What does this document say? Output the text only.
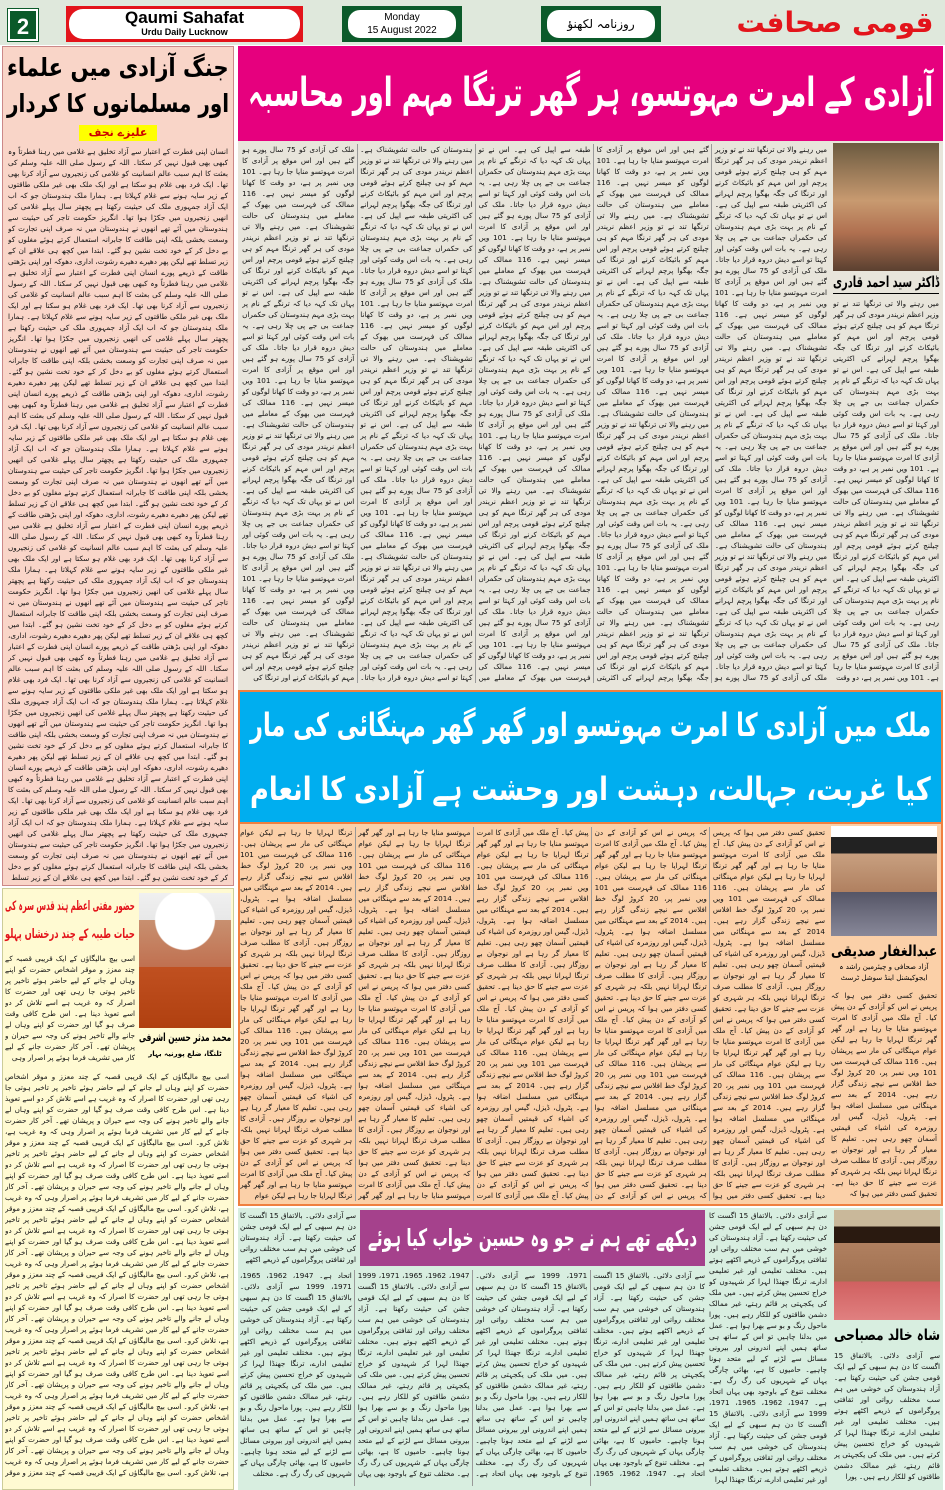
2	Qaumi Sahafat
Urdu Daily Lucknow
Monday
15 August 2022	روزنامہ لکھنؤ	قومی صحافت
جنگ آزادی میں علماء
اور مسلمانوں کا کردار
علیزے نجف
انسان اپنی فطرت کے اعتبار سے آزاد تخلیق ہے غلامی میں رہنا فطرتاً وہ کبھی بھی قبول نہیں کر سکتا۔ اللہ کے رسول صلی اللہ علیہ وسلم کی بعثت کا اہم سبب عالم انسانیت کو غلامی کی زنجیروں سے آزاد کرنا بھی تھا۔ ایک فرد بھی غلام ہو سکتا ہے اور ایک ملک بھی غیر ملکی طاقتوں کے زیر سایہ ہونے سے غلام کہلاتا ہے۔ ہمارا ملک ہندوستان جو کہ اب ایک آزاد جمہوری ملک کی حیثیت رکھتا ہے پچھتر سال پہلے غلامی کی انھیں زنجیروں میں جکڑا ہوا تھا۔ انگریز حکومت تاجر کی حیثیت سے ہندوستان میں آئے تھے انھوں نے ہندوستان میں نہ صرف اپنی تجارت کو وسعت بخشی بلکہ اپنی طاقت کا جابرانہ استعمال کرتے ہوئے مغلوں کو بے دخل کر کے خود تخت نشین ہو گئے۔ ابتدا میں کچھ ہی علاقے ان کے زیر تسلط تھے لیکن پھر دھیرے دھیرے رشوت، اداری، دھوکہ اور اپنی بڑھتی طاقت کے ذریعے پورے انسان اپنی فطرت کے اعتبار سے آزاد تخلیق ہے غلامی میں رہنا فطرتاً وہ کبھی بھی قبول نہیں کر سکتا۔ اللہ کے رسول صلی اللہ علیہ وسلم کی بعثت کا اہم سبب عالم انسانیت کو غلامی کی زنجیروں سے آزاد کرنا بھی تھا۔ ایک فرد بھی غلام ہو سکتا ہے اور ایک ملک بھی غیر ملکی طاقتوں کے زیر سایہ ہونے سے غلام کہلاتا ہے۔ ہمارا ملک ہندوستان جو کہ اب ایک آزاد جمہوری ملک کی حیثیت رکھتا ہے پچھتر سال پہلے غلامی کی انھیں زنجیروں میں جکڑا ہوا تھا۔ انگریز حکومت تاجر کی حیثیت سے ہندوستان میں آئے تھے انھوں نے ہندوستان میں نہ صرف اپنی تجارت کو وسعت بخشی بلکہ اپنی طاقت کا جابرانہ استعمال کرتے ہوئے مغلوں کو بے دخل کر کے خود تخت نشین ہو گئے۔ ابتدا میں کچھ ہی علاقے ان کے زیر تسلط تھے لیکن پھر دھیرے دھیرے رشوت، اداری، دھوکہ اور اپنی بڑھتی طاقت کے ذریعے پورے انسان اپنی فطرت کے اعتبار سے آزاد تخلیق ہے غلامی میں رہنا فطرتاً وہ کبھی بھی قبول نہیں کر سکتا۔ اللہ کے رسول صلی اللہ علیہ وسلم کی بعثت کا اہم سبب عالم انسانیت کو غلامی کی زنجیروں سے آزاد کرنا بھی تھا۔ ایک فرد بھی غلام ہو سکتا ہے اور ایک ملک بھی غیر ملکی طاقتوں کے زیر سایہ ہونے سے غلام کہلاتا ہے۔ ہمارا ملک ہندوستان جو کہ اب ایک آزاد جمہوری ملک کی حیثیت رکھتا ہے پچھتر سال پہلے غلامی کی انھیں زنجیروں میں جکڑا ہوا تھا۔ انگریز حکومت تاجر کی حیثیت سے ہندوستان میں آئے تھے انھوں نے ہندوستان میں نہ صرف اپنی تجارت کو وسعت بخشی بلکہ اپنی طاقت کا جابرانہ استعمال کرتے ہوئے مغلوں کو بے دخل کر کے خود تخت نشین ہو گئے۔ ابتدا میں کچھ ہی علاقے ان کے زیر تسلط تھے لیکن پھر دھیرے دھیرے رشوت، اداری، دھوکہ اور اپنی بڑھتی طاقت کے ذریعے پورے انسان اپنی فطرت کے اعتبار سے آزاد تخلیق ہے غلامی میں رہنا فطرتاً وہ کبھی بھی قبول نہیں کر سکتا۔ اللہ کے رسول صلی اللہ علیہ وسلم کی بعثت کا اہم سبب عالم انسانیت کو غلامی کی زنجیروں سے آزاد کرنا بھی تھا۔ ایک فرد بھی غلام ہو سکتا ہے اور ایک ملک بھی غیر ملکی طاقتوں کے زیر سایہ ہونے سے غلام کہلاتا ہے۔ ہمارا ملک ہندوستان جو کہ اب ایک آزاد جمہوری ملک کی حیثیت رکھتا ہے پچھتر سال پہلے غلامی کی انھیں زنجیروں میں جکڑا ہوا تھا۔ انگریز حکومت تاجر کی حیثیت سے ہندوستان میں آئے تھے انھوں نے ہندوستان میں نہ صرف اپنی تجارت کو وسعت بخشی بلکہ اپنی طاقت کا جابرانہ استعمال کرتے ہوئے مغلوں کو بے دخل کر کے خود تخت نشین ہو گئے۔ ابتدا میں کچھ ہی علاقے ان کے زیر تسلط تھے لیکن پھر دھیرے دھیرے رشوت، اداری، دھوکہ اور اپنی بڑھتی طاقت کے ذریعے پورے انسان اپنی فطرت کے اعتبار سے آزاد تخلیق ہے غلامی میں رہنا فطرتاً وہ کبھی بھی قبول نہیں کر سکتا۔ اللہ کے رسول صلی اللہ علیہ وسلم کی بعثت کا اہم سبب عالم انسانیت کو غلامی کی زنجیروں سے آزاد کرنا بھی تھا۔ ایک فرد بھی غلام ہو سکتا ہے اور ایک ملک بھی غیر ملکی طاقتوں کے زیر سایہ ہونے سے غلام کہلاتا ہے۔ ہمارا ملک ہندوستان جو کہ اب ایک آزاد جمہوری ملک کی حیثیت رکھتا ہے پچھتر سال پہلے غلامی کی انھیں زنجیروں میں جکڑا ہوا تھا۔ انگریز حکومت تاجر کی حیثیت سے ہندوستان میں آئے تھے انھوں نے ہندوستان میں نہ صرف اپنی تجارت کو وسعت بخشی بلکہ اپنی طاقت کا جابرانہ استعمال کرتے ہوئے مغلوں کو بے دخل کر کے خود تخت نشین ہو گئے۔ ابتدا میں کچھ ہی علاقے ان کے زیر تسلط تھے لیکن پھر دھیرے دھیرے رشوت، اداری، دھوکہ اور اپنی بڑھتی طاقت کے ذریعے پورے انسان اپنی فطرت کے اعتبار سے آزاد تخلیق ہے غلامی میں رہنا فطرتاً وہ کبھی بھی قبول نہیں کر سکتا۔ اللہ کے رسول صلی اللہ علیہ وسلم کی بعثت کا اہم سبب عالم انسانیت کو غلامی کی زنجیروں سے آزاد کرنا بھی تھا۔ ایک فرد بھی غلام ہو سکتا ہے اور ایک ملک بھی غیر ملکی طاقتوں کے زیر سایہ ہونے سے غلام کہلاتا ہے۔ ہمارا ملک ہندوستان جو کہ اب ایک آزاد جمہوری ملک کی حیثیت رکھتا ہے پچھتر سال پہلے غلامی کی انھیں زنجیروں میں جکڑا ہوا تھا۔ انگریز حکومت تاجر کی حیثیت سے ہندوستان میں آئے تھے انھوں نے ہندوستان میں نہ صرف اپنی تجارت کو وسعت بخشی بلکہ اپنی طاقت کا جابرانہ استعمال کرتے ہوئے مغلوں کو بے دخل کر کے خود تخت نشین ہو گئے۔ ابتدا میں کچھ ہی علاقے ان کے زیر تسلط
آزادی کے امرت مہوتسو، ہر گھر ترنگا مہم اور محاسبہ
ڈاکٹر سید احمد قادری
میں رہنے والا تی ترنگھا تند نے تو وزیر اعظم نریندر مودی کی ہر گھر ترنگا مہم کو ہی چیلنج کرتے ہوئے قومی پرچم اور اس مہم کو بائیکاٹ کرنے اور ترنگا کی جگہ بھگوا پرچم لہرانے کی اکثریتی طبقہ سے اپیل کی ہے۔ اس نے تو یہاں تک کہہ دیا کہ ترنگے کے نام پر بہت بڑی مہم ہندوستان کی حکمراں جماعت بی جے پی چلا رہی ہے۔ یہ بات اس وقت کوئی اور کہتا تو اسے دیش دروہ قرار دیا جاتا۔ ملک کی آزادی کو 75 سال پورے ہو گئے ہیں اور اس موقع پر آزادی کا امرت مہوتسو منایا جا رہا ہے۔ 101 ویں نمبر پر ہے، دو وقت کا کھانا لوگوں کو میسر نہیں ہے۔ 116 ممالک کی فہرست میں بھوک کے معاملے میں ہندوستان کی حالت تشویشناک ہے۔ میں رہنے والا تی ترنگھا تند نے تو وزیر اعظم نریندر مودی کی ہر گھر ترنگا مہم کو ہی چیلنج کرتے ہوئے قومی پرچم اور اس مہم کو بائیکاٹ کرنے اور ترنگا کی جگہ بھگوا پرچم لہرانے کی اکثریتی طبقہ سے اپیل کی ہے۔ اس نے تو یہاں تک کہہ دیا کہ ترنگے کے نام پر بہت بڑی مہم ہندوستان کی حکمراں جماعت بی جے پی چلا رہی ہے۔ یہ بات اس وقت کوئی اور کہتا تو اسے دیش دروہ قرار دیا جاتا۔ ملک کی آزادی کو 75 سال پورے ہو گئے ہیں اور اس موقع پر آزادی کا امرت مہوتسو منایا جا رہا ہے۔ 101 ویں نمبر پر ہے، دو وقت
میں رہنے والا تی ترنگھا تند نے تو وزیر اعظم نریندر مودی کی ہر گھر ترنگا مہم کو ہی چیلنج کرتے ہوئے قومی پرچم اور اس مہم کو بائیکاٹ کرنے اور ترنگا کی جگہ بھگوا پرچم لہرانے کی اکثریتی طبقہ سے اپیل کی ہے۔ اس نے تو یہاں تک کہہ دیا کہ ترنگے کے نام پر بہت بڑی مہم ہندوستان کی حکمراں جماعت بی جے پی چلا رہی ہے۔ یہ بات اس وقت کوئی اور کہتا تو اسے دیش دروہ قرار دیا جاتا۔ ملک کی آزادی کو 75 سال پورے ہو گئے ہیں اور اس موقع پر آزادی کا امرت مہوتسو منایا جا رہا ہے۔ 101 ویں نمبر پر ہے، دو وقت کا کھانا لوگوں کو میسر نہیں ہے۔ 116 ممالک کی فہرست میں بھوک کے معاملے میں ہندوستان کی حالت تشویشناک ہے۔ میں رہنے والا تی ترنگھا تند نے تو وزیر اعظم نریندر مودی کی ہر گھر ترنگا مہم کو ہی چیلنج کرتے ہوئے قومی پرچم اور اس مہم کو بائیکاٹ کرنے اور ترنگا کی جگہ بھگوا پرچم لہرانے کی اکثریتی طبقہ سے اپیل کی ہے۔ اس نے تو یہاں تک کہہ دیا کہ ترنگے کے نام پر بہت بڑی مہم ہندوستان کی حکمراں جماعت بی جے پی چلا رہی ہے۔ یہ بات اس وقت کوئی اور کہتا تو اسے دیش دروہ قرار دیا جاتا۔ ملک کی آزادی کو 75 سال پورے ہو گئے ہیں اور اس موقع پر آزادی کا امرت مہوتسو منایا جا رہا ہے۔ 101 ویں نمبر پر ہے، دو وقت کا کھانا لوگوں کو میسر نہیں ہے۔ 116 ممالک کی فہرست میں بھوک کے معاملے میں ہندوستان کی حالت تشویشناک ہے۔ میں رہنے والا تی ترنگھا تند نے تو وزیر اعظم نریندر مودی کی ہر گھر ترنگا مہم کو ہی چیلنج کرتے ہوئے قومی پرچم اور اس مہم کو بائیکاٹ کرنے اور ترنگا کی جگہ بھگوا پرچم لہرانے کی اکثریتی طبقہ سے اپیل کی ہے۔ اس نے تو یہاں تک کہہ دیا کہ ترنگے کے نام پر بہت بڑی مہم ہندوستان کی حکمراں جماعت بی جے پی چلا رہی ہے۔ یہ بات اس وقت کوئی اور کہتا تو اسے دیش دروہ قرار دیا جاتا۔ ملک کی آزادی کو 75 سال پورے ہو گئے ہیں اور اس موقع پر آزادی کا امرت مہوتسو منایا جا رہا ہے۔ 101 ویں نمبر پر ہے، دو وقت کا کھانا لوگوں کو میسر نہیں ہے۔ 116 ممالک کی فہرست میں بھوک کے معاملے میں ہندوستان کی حالت تشویشناک ہے۔ میں رہنے والا تی ترنگھا تند نے تو وزیر اعظم نریندر مودی کی ہر گھر ترنگا مہم کو ہی چیلنج کرتے ہوئے قومی پرچم اور اس مہم کو بائیکاٹ کرنے اور ترنگا کی جگہ بھگوا پرچم لہرانے کی اکثریتی طبقہ سے اپیل کی ہے۔ اس نے تو یہاں تک کہہ دیا کہ ترنگے کے نام پر بہت بڑی مہم ہندوستان کی حکمراں جماعت بی جے پی چلا رہی ہے۔ یہ بات اس وقت کوئی اور کہتا تو اسے دیش دروہ قرار دیا جاتا۔ ملک کی آزادی کو 75 سال پورے ہو گئے ہیں اور اس موقع پر آزادی کا امرت مہوتسو منایا جا رہا ہے۔ 101 ویں نمبر پر ہے، دو وقت کا کھانا لوگوں کو میسر نہیں ہے۔ 116 ممالک کی فہرست میں بھوک کے معاملے میں ہندوستان کی حالت تشویشناک ہے۔ میں رہنے والا تی ترنگھا تند نے تو وزیر اعظم نریندر مودی کی ہر گھر ترنگا مہم کو ہی چیلنج کرتے ہوئے قومی پرچم اور اس مہم کو بائیکاٹ کرنے اور ترنگا کی جگہ بھگوا پرچم لہرانے کی اکثریتی طبقہ سے اپیل کی ہے۔ اس نے تو یہاں تک کہہ دیا کہ ترنگے کے نام پر بہت بڑی مہم ہندوستان کی حکمراں جماعت بی جے پی چلا رہی ہے۔ یہ بات اس وقت کوئی اور کہتا تو اسے دیش دروہ قرار دیا جاتا۔ ملک کی آزادی کو 75 سال پورے ہو گئے ہیں اور اس موقع پر آزادی کا امرت مہوتسو منایا جا رہا ہے۔ 101 ویں نمبر پر ہے، دو وقت کا کھانا لوگوں کو میسر نہیں ہے۔ 116 ممالک کی فہرست میں بھوک کے معاملے میں ہندوستان کی حالت تشویشناک ہے۔ میں رہنے والا تی ترنگھا تند نے تو وزیر اعظم نریندر مودی کی ہر گھر ترنگا مہم کو ہی چیلنج کرتے ہوئے قومی پرچم اور اس مہم کو بائیکاٹ کرنے اور ترنگا کی جگہ بھگوا پرچم لہرانے کی اکثریتی طبقہ سے اپیل کی ہے۔ اس نے تو یہاں تک کہہ دیا کہ ترنگے کے نام پر بہت بڑی مہم ہندوستان کی حکمراں جماعت بی جے پی چلا رہی ہے۔ یہ بات اس وقت کوئی اور کہتا تو اسے دیش دروہ قرار دیا جاتا۔ ملک کی آزادی کو 75 سال پورے ہو گئے ہیں اور اس موقع پر آزادی کا امرت مہوتسو منایا جا رہا ہے۔ 101 ویں نمبر پر ہے، دو وقت کا کھانا لوگوں کو میسر نہیں ہے۔ 116 ممالک کی فہرست میں بھوک کے معاملے میں ہندوستان کی حالت تشویشناک ہے۔ میں رہنے والا تی ترنگھا تند نے تو وزیر اعظم نریندر مودی کی ہر گھر ترنگا مہم کو ہی چیلنج کرتے ہوئے قومی پرچم اور اس مہم کو بائیکاٹ کرنے اور ترنگا کی جگہ بھگوا پرچم لہرانے کی اکثریتی طبقہ سے اپیل کی ہے۔ اس نے تو یہاں تک کہہ دیا کہ ترنگے کے نام پر بہت بڑی مہم ہندوستان کی حکمراں جماعت بی جے پی چلا رہی ہے۔ یہ بات اس وقت کوئی اور کہتا تو اسے دیش دروہ قرار دیا جاتا۔ ملک کی آزادی کو 75 سال پورے ہو گئے ہیں اور اس موقع پر آزادی کا امرت مہوتسو منایا جا رہا ہے۔ 101 ویں نمبر پر ہے، دو وقت کا کھانا لوگوں کو میسر نہیں ہے۔ 116 ممالک کی فہرست میں بھوک کے معاملے میں ہندوستان کی حالت تشویشناک ہے۔ میں رہنے والا تی ترنگھا تند نے تو وزیر اعظم نریندر مودی کی ہر گھر ترنگا مہم کو ہی چیلنج کرتے ہوئے قومی پرچم اور اس مہم کو بائیکاٹ کرنے اور ترنگا کی جگہ بھگوا پرچم لہرانے کی اکثریتی طبقہ سے اپیل کی ہے۔ اس نے تو یہاں تک کہہ دیا کہ ترنگے کے نام پر بہت بڑی مہم ہندوستان کی حکمراں جماعت بی جے پی چلا رہی ہے۔ یہ بات اس وقت کوئی اور کہتا تو اسے دیش دروہ قرار دیا جاتا۔ ملک کی آزادی کو 75 سال پورے ہو گئے ہیں اور اس موقع پر آزادی کا امرت مہوتسو منایا جا رہا ہے۔ 101 ویں نمبر پر ہے، دو وقت کا کھانا لوگوں کو میسر نہیں ہے۔ 116 ممالک کی فہرست میں بھوک کے معاملے میں ہندوستان کی حالت تشویشناک ہے۔ میں رہنے والا تی ترنگھا تند نے تو وزیر اعظم نریندر مودی کی ہر گھر ترنگا مہم کو ہی چیلنج کرتے ہوئے قومی پرچم اور اس مہم کو بائیکاٹ کرنے اور ترنگا کی جگہ بھگوا پرچم لہرانے کی اکثریتی طبقہ سے اپیل کی ہے۔ اس نے تو یہاں تک کہہ دیا کہ ترنگے کے نام پر بہت بڑی مہم ہندوستان کی حکمراں جماعت بی جے پی چلا رہی ہے۔ یہ بات اس وقت کوئی اور کہتا تو اسے دیش دروہ قرار دیا جاتا۔ ملک کی آزادی کو 75 سال پورے ہو گئے ہیں اور اس موقع پر آزادی کا امرت مہوتسو منایا جا رہا ہے۔ 101 ویں نمبر پر ہے، دو وقت کا کھانا لوگوں کو میسر نہیں ہے۔ 116 ممالک کی فہرست میں بھوک کے معاملے میں ہندوستان کی حالت تشویشناک ہے۔ میں رہنے والا تی ترنگھا تند نے تو وزیر اعظم نریندر مودی کی ہر گھر ترنگا مہم کو ہی چیلنج کرتے ہوئے قومی پرچم اور اس مہم کو بائیکاٹ کرنے اور ترنگا کی جگہ بھگوا پرچم لہرانے کی اکثریتی طبقہ سے اپیل کی ہے۔ اس نے تو یہاں تک کہہ دیا کہ ترنگے کے نام پر بہت بڑی مہم ہندوستان کی حکمراں جماعت بی جے پی چلا رہی ہے۔ یہ بات اس وقت کوئی اور کہتا تو اسے دیش دروہ قرار دیا جاتا۔ ملک کی آزادی کو 75 سال پورے ہو گئے ہیں اور اس موقع پر آزادی کا امرت مہوتسو منایا جا رہا ہے۔ 101 ویں نمبر پر ہے، دو وقت کا کھانا لوگوں کو میسر نہیں ہے۔ 116 ممالک کی فہرست میں بھوک کے معاملے میں ہندوستان کی حالت تشویشناک ہے۔ میں رہنے والا تی ترنگھا تند نے تو وزیر اعظم نریندر مودی کی ہر گھر ترنگا مہم کو ہی چیلنج کرتے ہوئے قومی پرچم اور اس مہم کو بائیکاٹ کرنے اور ترنگا کی جگہ بھگوا پرچم لہرانے کی اکثریتی طبقہ سے اپیل کی ہے۔ اس نے تو یہاں تک کہہ دیا کہ ترنگے کے نام پر بہت بڑی مہم ہندوستان کی حکمراں جماعت بی جے پی چلا رہی ہے۔ یہ بات اس وقت کوئی اور کہتا تو اسے دیش دروہ قرار دیا جاتا۔ ملک کی آزادی کو 75 سال پورے ہو گئے ہیں اور اس موقع پر آزادی کا امرت مہوتسو منایا جا رہا ہے۔ 101 ویں نمبر پر ہے، دو وقت کا کھانا لوگوں کو میسر نہیں ہے۔ 116 ممالک کی فہرست میں بھوک کے معاملے میں ہندوستان کی حالت تشویشناک ہے۔ میں رہنے والا تی ترنگھا تند نے تو وزیر اعظم نریندر مودی کی ہر گھر ترنگا مہم کو ہی چیلنج کرتے ہوئے قومی پرچم اور اس مہم کو بائیکاٹ کرنے اور ترنگا کی جگہ بھگوا پرچم لہرانے کی اکثریتی طبقہ سے اپیل کی ہے۔ اس نے تو یہاں تک کہہ دیا کہ ترنگے کے نام پر بہت بڑی مہم ہندوستان کی حکمراں جماعت بی جے پی چلا رہی ہے۔ یہ بات اس وقت کوئی اور کہتا تو اسے دیش دروہ قرار دیا جاتا۔ ملک کی آزادی کو 75 سال پورے ہو گئے ہیں اور اس موقع پر آزادی کا امرت مہوتسو منایا جا رہا ہے۔ 101 ویں نمبر پر ہے، دو وقت کا کھانا لوگوں کو میسر نہیں ہے۔ 116 ممالک کی فہرست میں بھوک کے معاملے میں ہندوستان کی حالت تشویشناک ہے۔ میں رہنے والا تی ترنگھا تند نے تو وزیر اعظم نریندر مودی کی ہر گھر ترنگا مہم کو ہی چیلنج کرتے ہوئے قومی پرچم اور اس مہم کو بائیکاٹ کرنے اور ترنگا کی جگہ بھگوا پرچم لہرانے کی اکثریتی طبقہ سے اپیل کی ہے۔ اس نے تو یہاں تک کہہ دیا کہ ترنگے کے نام پر بہت بڑی مہم ہندوستان کی حکمراں جماعت بی جے پی چلا رہی ہے۔ یہ بات اس وقت کوئی اور کہتا تو اسے دیش دروہ قرار دیا جاتا۔ ملک کی آزادی کو 75 سال پورے ہو گئے ہیں اور اس موقع پر آزادی کا امرت مہوتسو منایا جا رہا ہے۔ 101 ویں نمبر پر ہے، دو وقت کا کھانا لوگوں کو میسر نہیں ہے۔ 116 ممالک کی فہرست میں بھوک کے معاملے میں ہندوستان کی حالت تشویشناک ہے۔ میں رہنے والا تی ترنگھا تند نے تو وزیر اعظم نریندر مودی کی ہر گھر ترنگا مہم کو ہی چیلنج کرتے ہوئے قومی پرچم اور اس مہم کو بائیکاٹ کرنے اور ترنگا کی
ملک میں آزادی کا امرت مہوتسو اور گھر گھر مہنگائی کی مار
کیا غربت، جہالت، دہشت اور وحشت ہے آزادی کا انعام
عبدالغفار صدیقی
آزاد صحافی و چیئرمین راشد ہ ایجوکیشنل اینڈ سوشل ٹرسٹ
تحقیق کسی دفتر میں ہوا کہ پریس نے اس کو آزادی کے دن پیش کیا۔ آج ملک میں آزادی کا امرت مہوتسو منایا جا رہا ہے اور گھر گھر ترنگا لہرایا جا رہا ہے لیکن عوام مہنگائی کی مار سے پریشان ہیں۔ 116 ممالک کی فہرست میں 101 ویں نمبر پر، 20 کروڑ لوگ خط افلاس سے نیچے زندگی گزار رہے ہیں۔ 2014 کے بعد سے مہنگائی میں مسلسل اضافہ ہوا ہے۔ پٹرول، ڈیزل، گیس اور روزمرہ کی اشیاء کی قیمتیں آسمان چھو رہی ہیں۔ تعلیم کا معیار گر رہا ہے اور نوجوان بے روزگار ہیں۔ آزادی کا مطلب صرف ترنگا لہرانا نہیں بلکہ ہر شہری کو عزت سے جینے کا حق دینا ہے۔ تحقیق کسی دفتر میں ہوا کہ
تحقیق کسی دفتر میں ہوا کہ پریس نے اس کو آزادی کے دن پیش کیا۔ آج ملک میں آزادی کا امرت مہوتسو منایا جا رہا ہے اور گھر گھر ترنگا لہرایا جا رہا ہے لیکن عوام مہنگائی کی مار سے پریشان ہیں۔ 116 ممالک کی فہرست میں 101 ویں نمبر پر، 20 کروڑ لوگ خط افلاس سے نیچے زندگی گزار رہے ہیں۔ 2014 کے بعد سے مہنگائی میں مسلسل اضافہ ہوا ہے۔ پٹرول، ڈیزل، گیس اور روزمرہ کی اشیاء کی قیمتیں آسمان چھو رہی ہیں۔ تعلیم کا معیار گر رہا ہے اور نوجوان بے روزگار ہیں۔ آزادی کا مطلب صرف ترنگا لہرانا نہیں بلکہ ہر شہری کو عزت سے جینے کا حق دینا ہے۔ تحقیق کسی دفتر میں ہوا کہ پریس نے اس کو آزادی کے دن پیش کیا۔ آج ملک میں آزادی کا امرت مہوتسو منایا جا رہا ہے اور گھر گھر ترنگا لہرایا جا رہا ہے لیکن عوام مہنگائی کی مار سے پریشان ہیں۔ 116 ممالک کی فہرست میں 101 ویں نمبر پر، 20 کروڑ لوگ خط افلاس سے نیچے زندگی گزار رہے ہیں۔ 2014 کے بعد سے مہنگائی میں مسلسل اضافہ ہوا ہے۔ پٹرول، ڈیزل، گیس اور روزمرہ کی اشیاء کی قیمتیں آسمان چھو رہی ہیں۔ تعلیم کا معیار گر رہا ہے اور نوجوان بے روزگار ہیں۔ آزادی کا مطلب صرف ترنگا لہرانا نہیں بلکہ ہر شہری کو عزت سے جینے کا حق دینا ہے۔ تحقیق کسی دفتر میں ہوا کہ پریس نے اس کو آزادی کے دن پیش کیا۔ آج ملک میں آزادی کا امرت مہوتسو منایا جا رہا ہے اور گھر گھر ترنگا لہرایا جا رہا ہے لیکن عوام مہنگائی کی مار سے پریشان ہیں۔ 116 ممالک کی فہرست میں 101 ویں نمبر پر، 20 کروڑ لوگ خط افلاس سے نیچے زندگی گزار رہے ہیں۔ 2014 کے بعد سے مہنگائی میں مسلسل اضافہ ہوا ہے۔ پٹرول، ڈیزل، گیس اور روزمرہ کی اشیاء کی قیمتیں آسمان چھو رہی ہیں۔ تعلیم کا معیار گر رہا ہے اور نوجوان بے روزگار ہیں۔ آزادی کا مطلب صرف ترنگا لہرانا نہیں بلکہ ہر شہری کو عزت سے جینے کا حق دینا ہے۔ تحقیق کسی دفتر میں ہوا کہ پریس نے اس کو آزادی کے دن پیش کیا۔ آج ملک میں آزادی کا امرت مہوتسو منایا جا رہا ہے اور گھر گھر ترنگا لہرایا جا رہا ہے لیکن عوام مہنگائی کی مار سے پریشان ہیں۔ 116 ممالک کی فہرست میں 101 ویں نمبر پر، 20 کروڑ لوگ خط افلاس سے نیچے زندگی گزار رہے ہیں۔ 2014 کے بعد سے مہنگائی میں مسلسل اضافہ ہوا ہے۔ پٹرول، ڈیزل، گیس اور روزمرہ کی اشیاء کی قیمتیں آسمان چھو رہی ہیں۔ تعلیم کا معیار گر رہا ہے اور نوجوان بے روزگار ہیں۔ آزادی کا مطلب صرف ترنگا لہرانا نہیں بلکہ ہر شہری کو عزت سے جینے کا حق دینا ہے۔ تحقیق کسی دفتر میں ہوا کہ پریس نے اس کو آزادی کے دن پیش کیا۔ آج ملک میں آزادی کا امرت مہوتسو منایا جا رہا ہے اور گھر گھر ترنگا لہرایا جا رہا ہے لیکن عوام مہنگائی کی مار سے پریشان ہیں۔ 116 ممالک کی فہرست میں 101 ویں نمبر پر، 20 کروڑ لوگ خط افلاس سے نیچے زندگی گزار رہے ہیں۔ 2014 کے بعد سے مہنگائی میں مسلسل اضافہ ہوا ہے۔ پٹرول، ڈیزل، گیس اور روزمرہ کی اشیاء کی قیمتیں آسمان چھو رہی ہیں۔ تعلیم کا معیار گر رہا ہے اور نوجوان بے روزگار ہیں۔ آزادی کا مطلب صرف ترنگا لہرانا نہیں بلکہ ہر شہری کو عزت سے جینے کا حق دینا ہے۔ تحقیق کسی دفتر میں ہوا کہ پریس نے اس کو آزادی کے دن پیش کیا۔ آج ملک میں آزادی کا امرت مہوتسو منایا جا رہا ہے اور گھر گھر ترنگا لہرایا جا رہا ہے لیکن عوام مہنگائی کی مار سے پریشان ہیں۔ 116 ممالک کی فہرست میں 101 ویں نمبر پر، 20 کروڑ لوگ خط افلاس سے نیچے زندگی گزار رہے ہیں۔ 2014 کے بعد سے مہنگائی میں مسلسل اضافہ ہوا ہے۔ پٹرول، ڈیزل، گیس اور روزمرہ کی اشیاء کی قیمتیں آسمان چھو رہی ہیں۔ تعلیم کا معیار گر رہا ہے اور نوجوان بے روزگار ہیں۔ آزادی کا مطلب صرف ترنگا لہرانا نہیں بلکہ ہر شہری کو عزت سے جینے کا حق دینا ہے۔ تحقیق کسی دفتر میں ہوا کہ پریس نے اس کو آزادی کے دن پیش کیا۔ آج ملک میں آزادی کا امرت مہوتسو منایا جا رہا ہے اور گھر گھر ترنگا لہرایا جا رہا ہے لیکن عوام مہنگائی کی مار سے پریشان ہیں۔ 116 ممالک کی فہرست میں 101 ویں نمبر پر، 20 کروڑ لوگ خط افلاس سے نیچے زندگی گزار رہے ہیں۔ 2014 کے بعد سے مہنگائی میں مسلسل اضافہ ہوا ہے۔ پٹرول، ڈیزل، گیس اور روزمرہ کی اشیاء کی قیمتیں آسمان چھو رہی ہیں۔ تعلیم کا معیار گر رہا ہے اور نوجوان بے روزگار ہیں۔ آزادی کا مطلب صرف ترنگا لہرانا نہیں بلکہ ہر شہری کو عزت سے جینے کا حق دینا ہے۔ تحقیق کسی دفتر میں ہوا کہ پریس نے اس کو آزادی کے دن پیش کیا۔ آج ملک میں آزادی کا امرت مہوتسو منایا جا رہا ہے اور گھر گھر ترنگا لہرایا جا رہا ہے لیکن عوام مہنگائی کی مار سے پریشان ہیں۔ 116 ممالک کی فہرست میں 101 ویں نمبر پر، 20 کروڑ لوگ خط افلاس سے نیچے زندگی گزار رہے ہیں۔ 2014 کے بعد سے مہنگائی میں مسلسل اضافہ ہوا ہے۔ پٹرول، ڈیزل، گیس اور روزمرہ کی اشیاء کی قیمتیں آسمان چھو رہی ہیں۔ تعلیم کا معیار گر رہا ہے اور نوجوان بے روزگار ہیں۔ آزادی کا مطلب صرف ترنگا لہرانا نہیں بلکہ ہر شہری کو عزت سے جینے کا حق دینا ہے۔ تحقیق کسی دفتر میں ہوا کہ پریس نے اس کو آزادی کے دن پیش کیا۔ آج ملک میں آزادی کا امرت مہوتسو منایا جا رہا ہے اور گھر گھر ترنگا لہرایا جا رہا ہے لیکن عوام مہنگائی کی مار سے پریشان ہیں۔ 116 ممالک کی فہرست میں 101 ویں نمبر پر، 20 کروڑ لوگ خط افلاس سے نیچے زندگی گزار رہے ہیں۔ 2014 کے بعد سے مہنگائی میں مسلسل اضافہ ہوا ہے۔ پٹرول، ڈیزل، گیس اور روزمرہ کی اشیاء کی قیمتیں آسمان چھو رہی ہیں۔ تعلیم کا معیار گر رہا ہے اور نوجوان بے روزگار ہیں۔ آزادی کا مطلب صرف ترنگا لہرانا نہیں بلکہ ہر شہری کو عزت سے جینے کا حق دینا ہے۔ تحقیق کسی دفتر میں ہوا کہ پریس نے اس کو آزادی کے دن پیش کیا۔ آج ملک میں آزادی کا امرت مہوتسو منایا جا رہا ہے اور گھر گھر ترنگا لہرایا جا رہا ہے لیکن عوام مہنگائی کی مار سے پریشان ہیں۔ 116 ممالک کی فہرست میں 101 ویں نمبر پر، 20 کروڑ لوگ خط افلاس سے نیچے زندگی گزار رہے ہیں۔ 2014 کے بعد سے مہنگائی میں مسلسل اضافہ ہوا ہے۔ پٹرول، ڈیزل، گیس اور روزمرہ کی اشیاء کی قیمتیں آسمان چھو رہی ہیں۔ تعلیم کا معیار گر رہا ہے اور نوجوان بے روزگار ہیں۔ آزادی کا مطلب صرف ترنگا لہرانا نہیں بلکہ ہر شہری کو عزت سے جینے کا حق دینا ہے۔ تحقیق کسی دفتر میں ہوا کہ پریس نے اس کو آزادی کے دن پیش کیا۔ آج ملک میں آزادی کا امرت مہوتسو منایا جا رہا ہے اور گھر گھر ترنگا لہرایا جا رہا ہے لیکن عوام
محمد مدثر حسین اشرفی
ٹلنگا، ضلع پورنیہ بہار
حضور مفتی اعظم ہند قدس سرہ کی
حیات طیبہ کے چند درخشاں پہلو
اسی بیچ مالیگاؤں کے ایک قریبی قصبہ کے چند معزز و موقر اشخاص حضرت کو اپنے وہاں لے جانے کے لیے حاضر ہوئے تاخیر پر تاخیر ہوتی جا رہی تھی اور حضرت کا اصرار کہ وہ غریب ہے اسے تلاش کر دو اسے تعویذ دینا ہے۔ اس طرح کافی وقت صرف ہو گیا اور حضرت کو اپنے وہاں لے جانے والے تاخیر ہونے کی وجہ سے حیران و پریشان تھے۔ آخر کار حضرت جانے کے لیے کار میں تشریف فرما ہوئے پر اصرار وہی
اسی بیچ مالیگاؤں کے ایک قریبی قصبہ کے چند معزز و موقر اشخاص حضرت کو اپنے وہاں لے جانے کے لیے حاضر ہوئے تاخیر پر تاخیر ہوتی جا رہی تھی اور حضرت کا اصرار کہ وہ غریب ہے اسے تلاش کر دو اسے تعویذ دینا ہے۔ اس طرح کافی وقت صرف ہو گیا اور حضرت کو اپنے وہاں لے جانے والے تاخیر ہونے کی وجہ سے حیران و پریشان تھے۔ آخر کار حضرت جانے کے لیے کار میں تشریف فرما ہوئے پر اصرار وہی کہ وہ غریب ہے، تلاش کرو۔ اسی بیچ مالیگاؤں کے ایک قریبی قصبہ کے چند معزز و موقر اشخاص حضرت کو اپنے وہاں لے جانے کے لیے حاضر ہوئے تاخیر پر تاخیر ہوتی جا رہی تھی اور حضرت کا اصرار کہ وہ غریب ہے اسے تلاش کر دو اسے تعویذ دینا ہے۔ اس طرح کافی وقت صرف ہو گیا اور حضرت کو اپنے وہاں لے جانے والے تاخیر ہونے کی وجہ سے حیران و پریشان تھے۔ آخر کار حضرت جانے کے لیے کار میں تشریف فرما ہوئے پر اصرار وہی کہ وہ غریب ہے، تلاش کرو۔ اسی بیچ مالیگاؤں کے ایک قریبی قصبہ کے چند معزز و موقر اشخاص حضرت کو اپنے وہاں لے جانے کے لیے حاضر ہوئے تاخیر پر تاخیر ہوتی جا رہی تھی اور حضرت کا اصرار کہ وہ غریب ہے اسے تلاش کر دو اسے تعویذ دینا ہے۔ اس طرح کافی وقت صرف ہو گیا اور حضرت کو اپنے وہاں لے جانے والے تاخیر ہونے کی وجہ سے حیران و پریشان تھے۔ آخر کار حضرت جانے کے لیے کار میں تشریف فرما ہوئے پر اصرار وہی کہ وہ غریب ہے، تلاش کرو۔ اسی بیچ مالیگاؤں کے ایک قریبی قصبہ کے چند معزز و موقر اشخاص حضرت کو اپنے وہاں لے جانے کے لیے حاضر ہوئے تاخیر پر تاخیر ہوتی جا رہی تھی اور حضرت کا اصرار کہ وہ غریب ہے اسے تلاش کر دو اسے تعویذ دینا ہے۔ اس طرح کافی وقت صرف ہو گیا اور حضرت کو اپنے وہاں لے جانے والے تاخیر ہونے کی وجہ سے حیران و پریشان تھے۔ آخر کار حضرت جانے کے لیے کار میں تشریف فرما ہوئے پر اصرار وہی کہ وہ غریب ہے، تلاش کرو۔ اسی بیچ مالیگاؤں کے ایک قریبی قصبہ کے چند معزز و موقر اشخاص حضرت کو اپنے وہاں لے جانے کے لیے حاضر ہوئے تاخیر پر تاخیر ہوتی جا رہی تھی اور حضرت کا اصرار کہ وہ غریب ہے اسے تلاش کر دو اسے تعویذ دینا ہے۔ اس طرح کافی وقت صرف ہو گیا اور حضرت کو اپنے وہاں لے جانے والے تاخیر ہونے کی وجہ سے حیران و پریشان تھے۔ آخر کار حضرت جانے کے لیے کار میں تشریف فرما ہوئے پر اصرار وہی کہ وہ غریب ہے، تلاش کرو۔ اسی بیچ مالیگاؤں کے ایک قریبی قصبہ کے چند معزز و موقر اشخاص حضرت کو اپنے وہاں لے جانے کے لیے حاضر ہوئے تاخیر پر تاخیر ہوتی جا رہی تھی اور حضرت کا اصرار کہ وہ غریب ہے اسے تلاش کر دو اسے تعویذ دینا ہے۔ اس طرح کافی وقت صرف ہو گیا اور حضرت کو اپنے وہاں لے جانے والے تاخیر ہونے کی وجہ سے حیران و پریشان تھے۔ آخر کار حضرت جانے کے لیے کار میں تشریف فرما ہوئے پر اصرار وہی کہ وہ غریب ہے، تلاش کرو۔ اسی بیچ مالیگاؤں کے ایک قریبی قصبہ کے چند معزز و موقر
دیکھے تھے ہم نے جو وہ حسین خواب کیا ہوئے
شاہ خالد مصباحی
سے آزادی دلائی۔ بالاتفاق 15 اگست کا دن ہم سبھی کے لیے ایک قومی جشن کی حیثیت رکھتا ہے۔ آزاد ہندوستان کی خوشی میں ہم سب مختلف رواتی اور ثقافتی پروگراموں کے ذریعے اکٹھے ہوتے ہیں۔ مختلف تعلیمی اور غیر تعلیمی ادارے، ترنگا جھنڈا لہرا کر شہیدوں کو خراج تحسین پیش کرتے ہیں۔ میں ملک کی یکجہتی پر قائم رہتے، غیر ممالک دشمن طاقتوں کو للکار رہے ہیں۔ پورا
سے آزادی دلائی۔ بالاتفاق 15 اگست کا دن ہم سبھی کے لیے ایک قومی جشن کی حیثیت رکھتا ہے۔ آزاد ہندوستان کی خوشی میں ہم سب مختلف رواتی اور ثقافتی پروگراموں کے ذریعے اکٹھے ہوتے ہیں۔ مختلف تعلیمی اور غیر تعلیمی ادارے، ترنگا جھنڈا لہرا کر شہیدوں کو خراج تحسین پیش کرتے ہیں۔ میں ملک کی یکجہتی پر قائم رہتے، غیر ممالک دشمن طاقتوں کو للکار رہے ہیں۔ پورا ماحول رنگ و بو سے بھرا ہوا ہے۔ عمل میں بدلنا چاہیں تو اس کے ساتھ ہی ساتھ ہمیں اپنے اندرونی اور بیرونی مسائل سے لڑنے کے لیے متحد ہونا چاہیے۔ حامیوں کا ہے، بھائی چارگی یہاں کے شہریوں کی رگ رگ ہے۔ مختلف تنوع کے باوجود بھی یہاں اتحاد ہے۔ 1947، 1962، 1965، 1971، 1999 سے آزادی دلائی۔ بالاتفاق 15 اگست کا دن ہم سبھی کے لیے ایک قومی جشن کی حیثیت رکھتا ہے۔ آزاد ہندوستان کی خوشی میں ہم سب مختلف رواتی اور ثقافتی پروگراموں کے ذریعے اکٹھے ہوتے ہیں۔ مختلف تعلیمی اور غیر تعلیمی ادارے، ترنگا جھنڈا لہرا
سے آزادی دلائی۔ بالاتفاق 15 اگست کا دن ہم سبھی کے لیے ایک قومی جشن کی حیثیت رکھتا ہے۔ آزاد ہندوستان کی خوشی میں ہم سب مختلف رواتی اور ثقافتی پروگراموں کے ذریعے اکٹھے
سے آزادی دلائی۔ بالاتفاق 15 اگست کا دن ہم سبھی کے لیے ایک قومی جشن کی حیثیت رکھتا ہے۔ آزاد ہندوستان کی خوشی میں ہم سب مختلف رواتی اور ثقافتی پروگراموں کے ذریعے اکٹھے ہوتے ہیں۔ مختلف تعلیمی اور غیر تعلیمی ادارے، ترنگا جھنڈا لہرا کر شہیدوں کو خراج تحسین پیش کرتے ہیں۔ میں ملک کی یکجہتی پر قائم رہتے، غیر ممالک دشمن طاقتوں کو للکار رہے ہیں۔ پورا ماحول رنگ و بو سے بھرا ہوا ہے۔ عمل میں بدلنا چاہیں تو اس کے ساتھ ہی ساتھ ہمیں اپنے اندرونی اور بیرونی مسائل سے لڑنے کے لیے متحد ہونا چاہیے۔ حامیوں کا ہے، بھائی چارگی یہاں کے شہریوں کی رگ رگ ہے۔ مختلف تنوع کے باوجود بھی یہاں اتحاد ہے۔ 1947، 1962، 1965، 1971، 1999 سے آزادی دلائی۔ بالاتفاق 15 اگست کا دن ہم سبھی کے لیے ایک قومی جشن کی حیثیت رکھتا ہے۔ آزاد ہندوستان کی خوشی میں ہم سب مختلف رواتی اور ثقافتی پروگراموں کے ذریعے اکٹھے ہوتے ہیں۔ مختلف تعلیمی اور غیر تعلیمی ادارے، ترنگا جھنڈا لہرا کر شہیدوں کو خراج تحسین پیش کرتے ہیں۔ میں ملک کی یکجہتی پر قائم رہتے، غیر ممالک دشمن طاقتوں کو للکار رہے ہیں۔ پورا ماحول رنگ و بو سے بھرا ہوا ہے۔ عمل میں بدلنا چاہیں تو اس کے ساتھ ہی ساتھ ہمیں اپنے اندرونی اور بیرونی مسائل سے لڑنے کے لیے متحد ہونا چاہیے۔ حامیوں کا ہے، بھائی چارگی یہاں کے شہریوں کی رگ رگ ہے۔ مختلف تنوع کے باوجود بھی یہاں اتحاد ہے۔ 1947، 1962، 1965، 1971، 1999 سے آزادی دلائی۔ بالاتفاق 15 اگست کا دن ہم سبھی کے لیے ایک قومی جشن کی حیثیت رکھتا ہے۔ آزاد ہندوستان کی خوشی میں ہم سب مختلف رواتی اور ثقافتی پروگراموں کے ذریعے اکٹھے ہوتے ہیں۔ مختلف تعلیمی اور غیر تعلیمی ادارے، ترنگا جھنڈا لہرا کر شہیدوں کو خراج تحسین پیش کرتے ہیں۔ میں ملک کی یکجہتی پر قائم رہتے، غیر ممالک دشمن طاقتوں کو للکار رہے ہیں۔ پورا ماحول رنگ و بو سے بھرا ہوا ہے۔ عمل میں بدلنا چاہیں تو اس کے ساتھ ہی ساتھ ہمیں اپنے اندرونی اور بیرونی مسائل سے لڑنے کے لیے متحد ہونا چاہیے۔ حامیوں کا ہے، بھائی چارگی یہاں کے شہریوں کی رگ رگ ہے۔ مختلف تنوع کے باوجود بھی یہاں اتحاد ہے۔ 1947، 1962، 1965، 1971، 1999 سے آزادی دلائی۔ بالاتفاق 15 اگست کا دن ہم سبھی کے لیے ایک قومی جشن کی حیثیت رکھتا ہے۔ آزاد ہندوستان کی خوشی میں ہم سب مختلف رواتی اور ثقافتی پروگراموں کے ذریعے اکٹھے ہوتے ہیں۔ مختلف تعلیمی اور غیر تعلیمی ادارے، ترنگا جھنڈا لہرا کر شہیدوں کو خراج تحسین پیش کرتے ہیں۔ میں ملک کی یکجہتی پر قائم رہتے، غیر ممالک دشمن طاقتوں کو للکار رہے ہیں۔ پورا ماحول رنگ و بو سے بھرا ہوا ہے۔ عمل میں بدلنا چاہیں تو اس کے ساتھ ہی ساتھ ہمیں اپنے اندرونی اور بیرونی مسائل سے لڑنے کے لیے متحد ہونا چاہیے۔ حامیوں کا ہے، بھائی چارگی یہاں کے شہریوں کی رگ رگ ہے۔ مختلف
